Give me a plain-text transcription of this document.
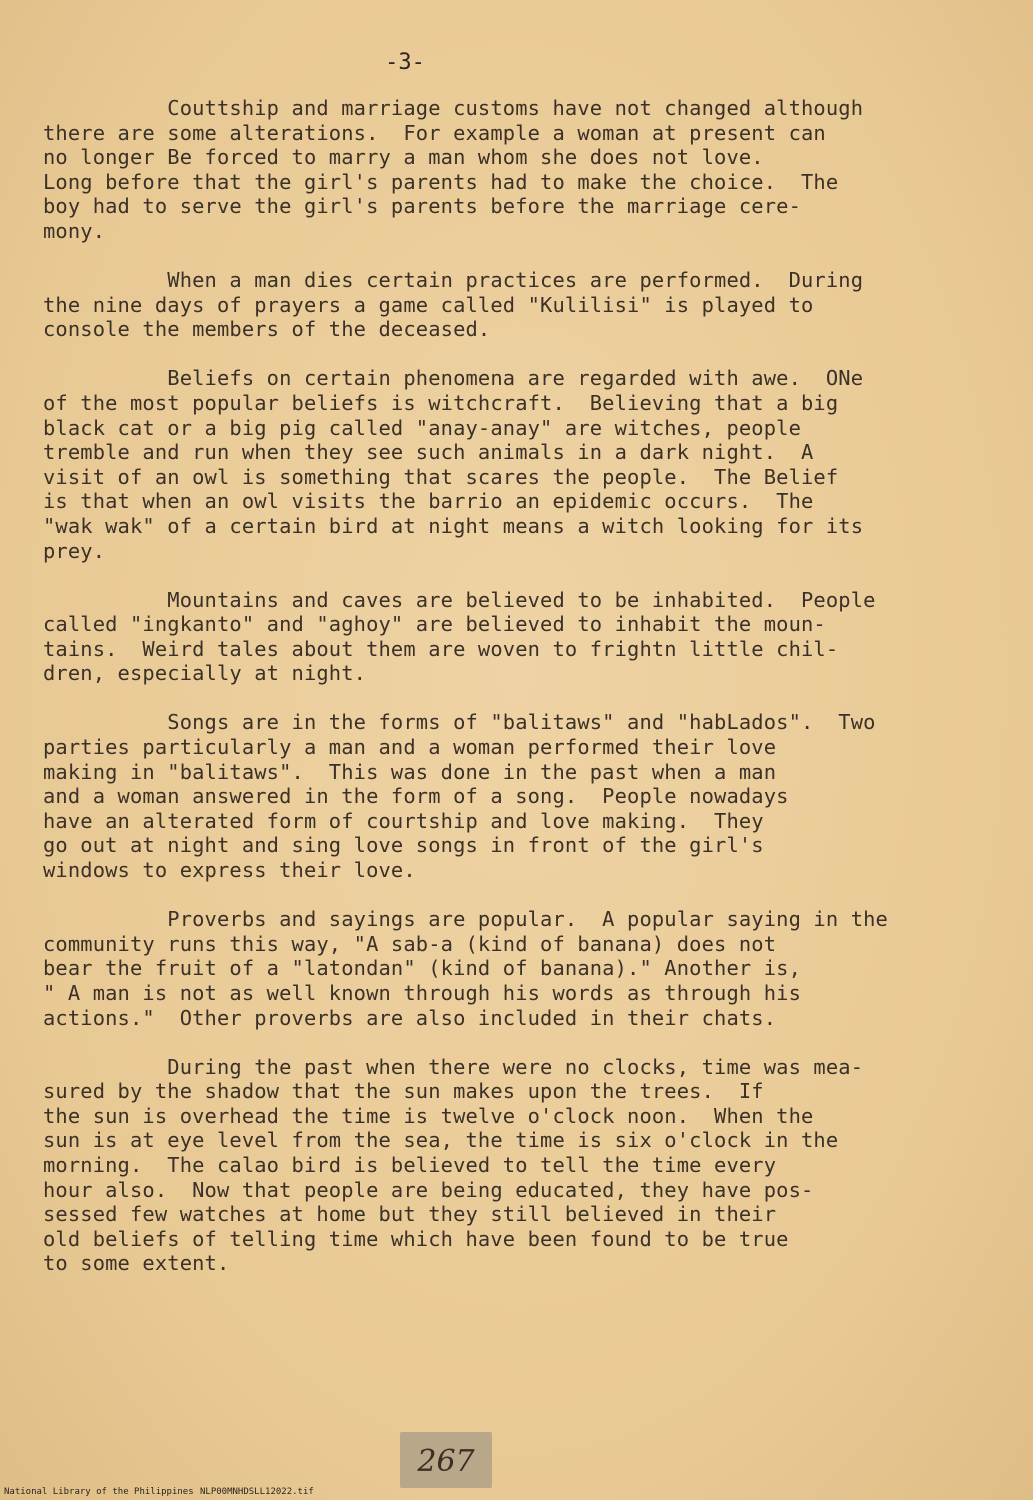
-3-

Couttship and marriage customs have not changed although
there are some alterations.  For example a woman at present can
no longer Be forced to marry a man whom she does not love.
Long before that the girl's parents had to make the choice.  The
boy had to serve the girl's parents before the marriage cere-
mony.

When a man dies certain practices are performed.  During
the nine days of prayers a game called "Kulilisi" is played to
console the members of the deceased.

Beliefs on certain phenomena are regarded with awe.  ONe
of the most popular beliefs is witchcraft.  Believing that a big
black cat or a big pig called "anay-anay" are witches, people
tremble and run when they see such animals in a dark night.  A
visit of an owl is something that scares the people.  The Belief
is that when an owl visits the barrio an epidemic occurs.  The
"wak wak" of a certain bird at night means a witch looking for its
prey.

Mountains and caves are believed to be inhabited.  People
called "ingkanto" and "aghoy" are believed to inhabit the moun-
tains.  Weird tales about them are woven to frightn little chil-
dren, especially at night.

Songs are in the forms of "balitaws" and "habLados".  Two
parties particularly a man and a woman performed their love
making in "balitaws".  This was done in the past when a man
and a woman answered in the form of a song.  People nowadays
have an alterated form of courtship and love making.  They
go out at night and sing love songs in front of the girl's
windows to express their love.

Proverbs and sayings are popular.  A popular saying in the
community runs this way, "A sab-a (kind of banana) does not
bear the fruit of a "latondan" (kind of banana)." Another is,
" A man is not as well known through his words as through his
actions."  Other proverbs are also included in their chats.

During the past when there were no clocks, time was mea-
sured by the shadow that the sun makes upon the trees.  If
the sun is overhead the time is twelve o'clock noon.  When the
sun is at eye level from the sea, the time is six o'clock in the
morning.  The calao bird is believed to tell the time every
hour also.  Now that people are being educated, they have pos-
sessed few watches at home but they still believed in their
old beliefs of telling time which have been found to be true
to some extent.

267
National Library of the Philippines NLP00MNHDSLL12022.tif
